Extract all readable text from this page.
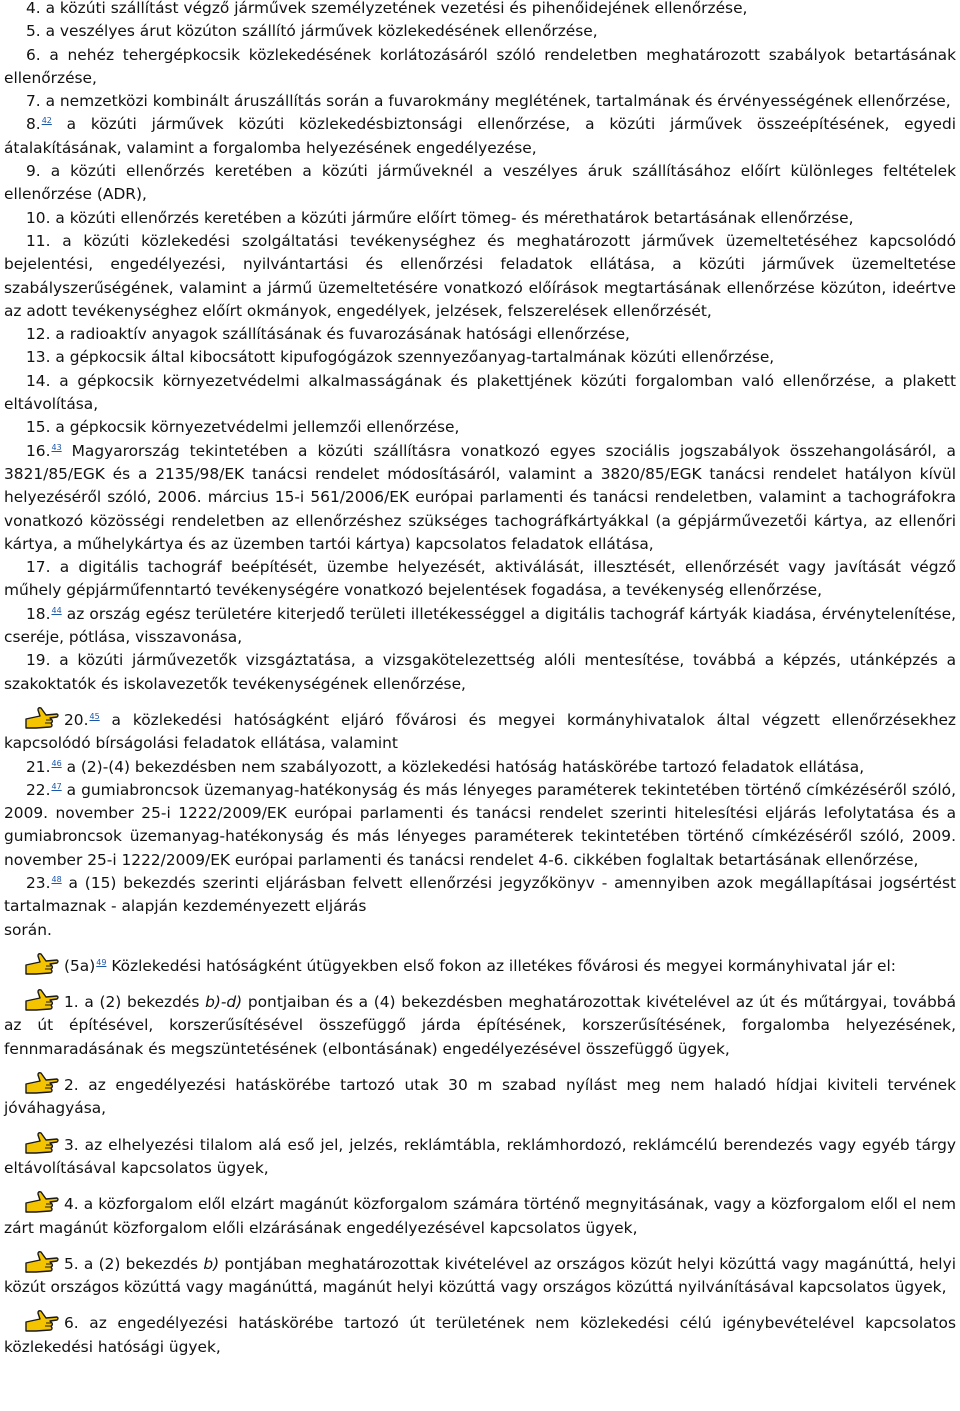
4. a közúti szállítást végző járművek személyzetének vezetési és pihenőidejének ellenőrzése,

5. a veszélyes árut közúton szállító járművek közlekedésének ellenőrzése,

6. a nehéz tehergépkocsik közlekedésének korlátozásáról szóló rendeletben meghatározott szabályok betartásának ellenőrzése,

7. a nemzetközi kombinált áruszállítás során a fuvarokmány meglétének, tartalmának és érvényességének ellenőrzése,

8.42 a közúti járművek közúti közlekedésbiztonsági ellenőrzése, a közúti járművek összeépítésének, egyedi átalakításának, valamint a forgalomba helyezésének engedélyezése,

9. a közúti ellenőrzés keretében a közúti járműveknél a veszélyes áruk szállításához előírt különleges feltételek ellenőrzése (ADR),

10. a közúti ellenőrzés keretében a közúti járműre előírt tömeg- és mérethatárok betartásának ellenőrzése,

11. a közúti közlekedési szolgáltatási tevékenységhez és meghatározott járművek üzemeltetéséhez kapcsolódó bejelentési, engedélyezési, nyilvántartási és ellenőrzési feladatok ellátása, a közúti járművek üzemeltetése szabályszerűségének, valamint a jármű üzemeltetésére vonatkozó előírások megtartásának ellenőrzése közúton, ideértve az adott tevékenységhez előírt okmányok, engedélyek, jelzések, felszerelések ellenőrzését,

12. a radioaktív anyagok szállításának és fuvarozásának hatósági ellenőrzése,

13. a gépkocsik által kibocsátott kipufogógázok szennyezőanyag-tartalmának közúti ellenőrzése,

14. a gépkocsik környezetvédelmi alkalmasságának és plakettjének közúti forgalomban való ellenőrzése, a plakett eltávolítása,

15. a gépkocsik környezetvédelmi jellemzői ellenőrzése,

16.43 Magyarország tekintetében a közúti szállításra vonatkozó egyes szociális jogszabályok összehangolásáról, a 3821/85/EGK és a 2135/98/EK tanácsi rendelet módosításáról, valamint a 3820/85/EGK tanácsi rendelet hatályon kívül helyezéséről szóló, 2006. március 15-i 561/2006/EK európai parlamenti és tanácsi rendeletben, valamint a tachográfokra vonatkozó közösségi rendeletben az ellenőrzéshez szükséges tachográfkártyákkal (a gépjárművezetői kártya, az ellenőri kártya, a műhelykártya és az üzemben tartói kártya) kapcsolatos feladatok ellátása,

17. a digitális tachográf beépítését, üzembe helyezését, aktiválását, illesztését, ellenőrzését vagy javítását végző műhely gépjárműfenntartó tevékenységére vonatkozó bejelentések fogadása, a tevékenység ellenőrzése,

18.44 az ország egész területére kiterjedő területi illetékességgel a digitális tachográf kártyák kiadása, érvénytelenítése, cseréje, pótlása, visszavonása,

19. a közúti járművezetők vizsgáztatása, a vizsgakötelezettség alóli mentesítése, továbbá a képzés, utánképzés a szakoktatók és iskolavezetők tevékenységének ellenőrzése,

20.45 a közlekedési hatóságként eljáró fővárosi és megyei kormányhivatalok által végzett ellenőrzésekhez kapcsolódó bírságolási feladatok ellátása, valamint

21.46 a (2)-(4) bekezdésben nem szabályozott, a közlekedési hatóság hatáskörébe tartozó feladatok ellátása,

22.47 a gumiabroncsok üzemanyag-hatékonyság és más lényeges paraméterek tekintetében történő címkézéséről szóló, 2009. november 25-i 1222/2009/EK európai parlamenti és tanácsi rendelet szerinti hitelesítési eljárás lefolytatása és a gumiabroncsok üzemanyag-hatékonyság és más lényeges paraméterek tekintetében történő címkézéséről szóló, 2009. november 25-i 1222/2009/EK európai parlamenti és tanácsi rendelet 4-6. cikkében foglaltak betartásának ellenőrzése,

23.48 a (15) bekezdés szerinti eljárásban felvett ellenőrzési jegyzőkönyv - amennyiben azok megállapításai jogsértést tartalmaznak - alapján kezdeményezett eljárás

során.

(5a)$^{49}$ Közlekedési hatóságként útügyekben első fokon az illetékes fővárosi és megyei kormányhivatal jár el:

1. a (2) bekezdés b)-d) pontjaiban és a (4) bekezdésben meghatározottak kivételével az út és műtárgyai, továbbá az út építésével, korszerűsítésével összefüggő járda építésének, korszerűsítésének, forgalomba helyezésének, fennmaradásának és megszüntetésének (elbontásának) engedélyezésével összefüggő ügyek,

2. az engedélyezési hatáskörébe tartozó utak 30 m szabad nyílást meg nem haladó hídjai kiviteli tervének jóváhagyása,

3. az elhelyezési tilalom alá eső jel, jelzés, reklámtábla, reklámhordozó, reklámcélú berendezés vagy egyéb tárgy eltávolításával kapcsolatos ügyek,

4. a közforgalom elől elzárt magánút közforgalom számára történő megnyitásának, vagy a közforgalom elől el nem zárt magánút közforgalom előli elzárásának engedélyezésével kapcsolatos ügyek,

5. a (2) bekezdés b) pontjában meghatározottak kivételével az országos közút helyi közúttá vagy magánúttá, helyi közút országos közúttá vagy magánúttá, magánút helyi közúttá vagy országos közúttá nyilvánításával kapcsolatos ügyek,

6. az engedélyezési hatáskörébe tartozó út területének nem közlekedési célú igénybevételével kapcsolatos közlekedési hatósági ügyek,
